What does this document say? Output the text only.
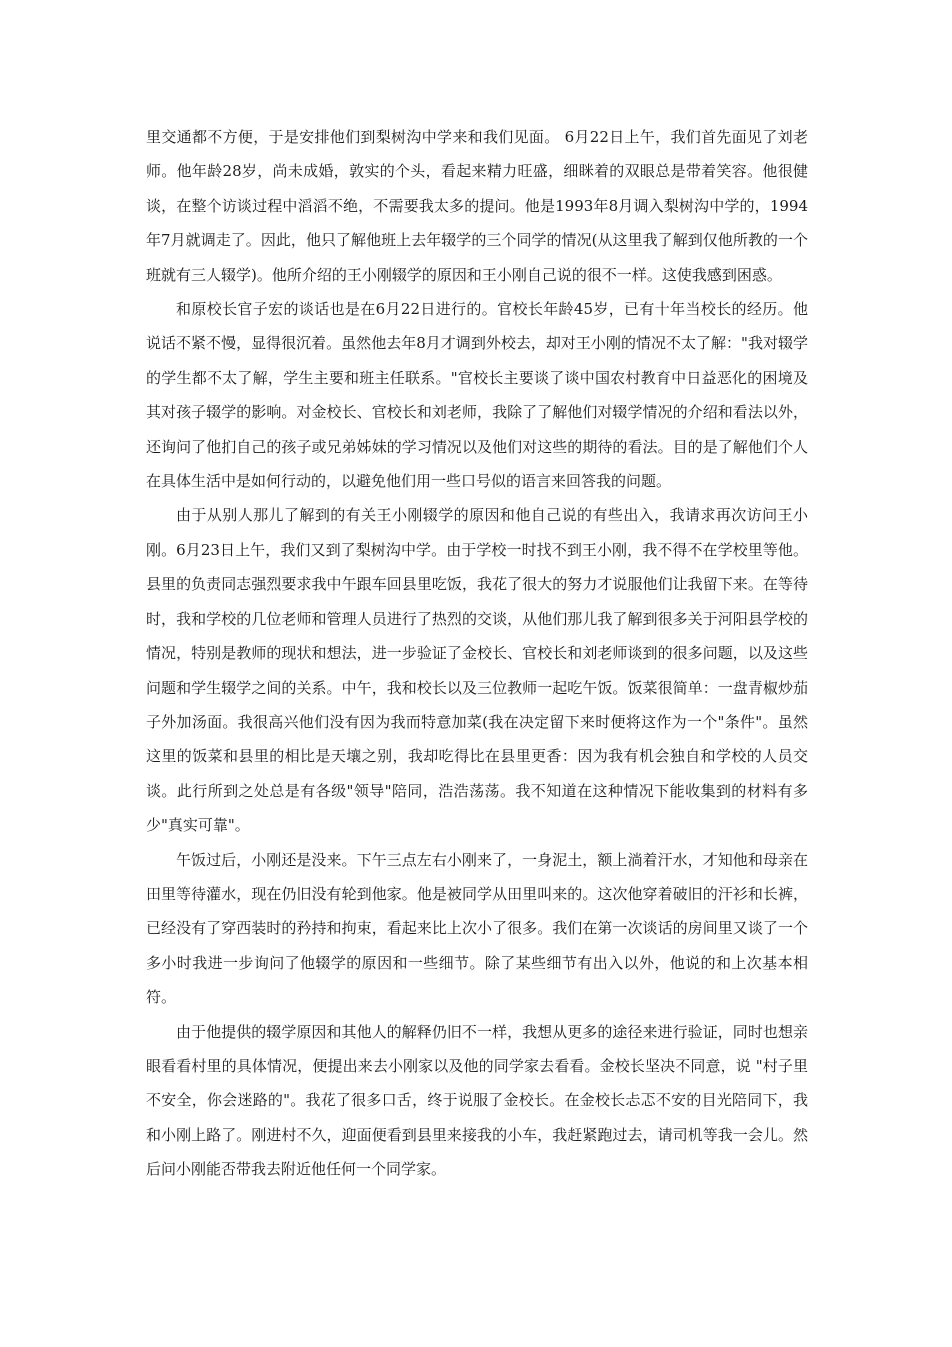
里交通都不方便，于是安排他们到梨树沟中学来和我们见面。 6月22日上午，我们首先面见了刘老师。他年龄28岁，尚未成婚，敦实的个头，看起来精力旺盛，细眯着的双眼总是带着笑容。他很健谈，在整个访谈过程中滔滔不绝，不需要我太多的提问。他是1993年8月调入梨树沟中学的，1994年7月就调走了。因此，他只了解他班上去年辍学的三个同学的情况(从这里我了解到仅他所教的一个班就有三人辍学)。他所介绍的王小刚辍学的原因和王小刚自己说的很不一样。这使我感到困惑。

和原校长官子宏的谈话也是在6月22日进行的。官校长年龄45岁，已有十年当校长的经历。他说话不紧不慢，显得很沉着。虽然他去年8月才调到外校去，却对王小刚的情况不太了解："我对辍学的学生都不太了解，学生主要和班主任联系。"官校长主要谈了谈中国农村教育中日益恶化的困境及其对孩子辍学的影响。对金校长、官校长和刘老师，我除了了解他们对辍学情况的介绍和看法以外，还询问了他扪自己的孩子或兄弟姊妹的学习情况以及他们对这些的期待的看法。目的是了解他们个人在具体生活中是如何行动的，以避免他们用一些口号似的语言来回答我的问题。

由于从别人那儿了解到的有关王小刚辍学的原因和他自己说的有些出入，我请求再次访问王小刚。6月23日上午，我们又到了梨树沟中学。由于学校一时找不到王小刚，我不得不在学校里等他。县里的负责同志强烈要求我中午跟车回县里吃饭，我花了很大的努力才说服他们让我留下来。在等待时，我和学校的几位老师和管理人员进行了热烈的交谈，从他们那儿我了解到很多关于河阳县学校的情况，特别是教师的现状和想法，进一步验证了金校长、官校长和刘老师谈到的很多问题，以及这些问题和学生辍学之间的关系。中午，我和校长以及三位教师一起吃午饭。饭菜很简单：一盘青椒炒茄子外加汤面。我很高兴他们没有因为我而特意加菜(我在决定留下来时便将这作为一个"条件"。虽然这里的饭菜和县里的相比是天壤之别，我却吃得比在县里更香：因为我有机会独自和学校的人员交谈。此行所到之处总是有各级"领导"陪同，浩浩荡荡。我不知道在这种情况下能收集到的材料有多少"真实可靠"。

午饭过后，小刚还是没来。下午三点左右小刚来了，一身泥土，额上淌着汗水，才知他和母亲在田里等待灌水，现在仍旧没有轮到他家。他是被同学从田里叫来的。这次他穿着破旧的汗衫和长裤，已经没有了穿西装时的矜持和拘束，看起来比上次小了很多。我们在第一次谈话的房间里又谈了一个多小时我进一步询问了他辍学的原因和一些细节。除了某些细节有出入以外，他说的和上次基本相符。

由于他提供的辍学原因和其他人的解释仍旧不一样，我想从更多的途径来进行验证，同时也想亲眼看看村里的具体情况，便提出来去小刚家以及他的同学家去看看。金校长坚决不同意，说 "村子里不安全，你会迷路的"。我花了很多口舌，终于说服了金校长。在金校长忐忑不安的目光陪同下，我和小刚上路了。刚进村不久，迎面便看到县里来接我的小车，我赶紧跑过去，请司机等我一会儿。然后问小刚能否带我去附近他任何一个同学家。
